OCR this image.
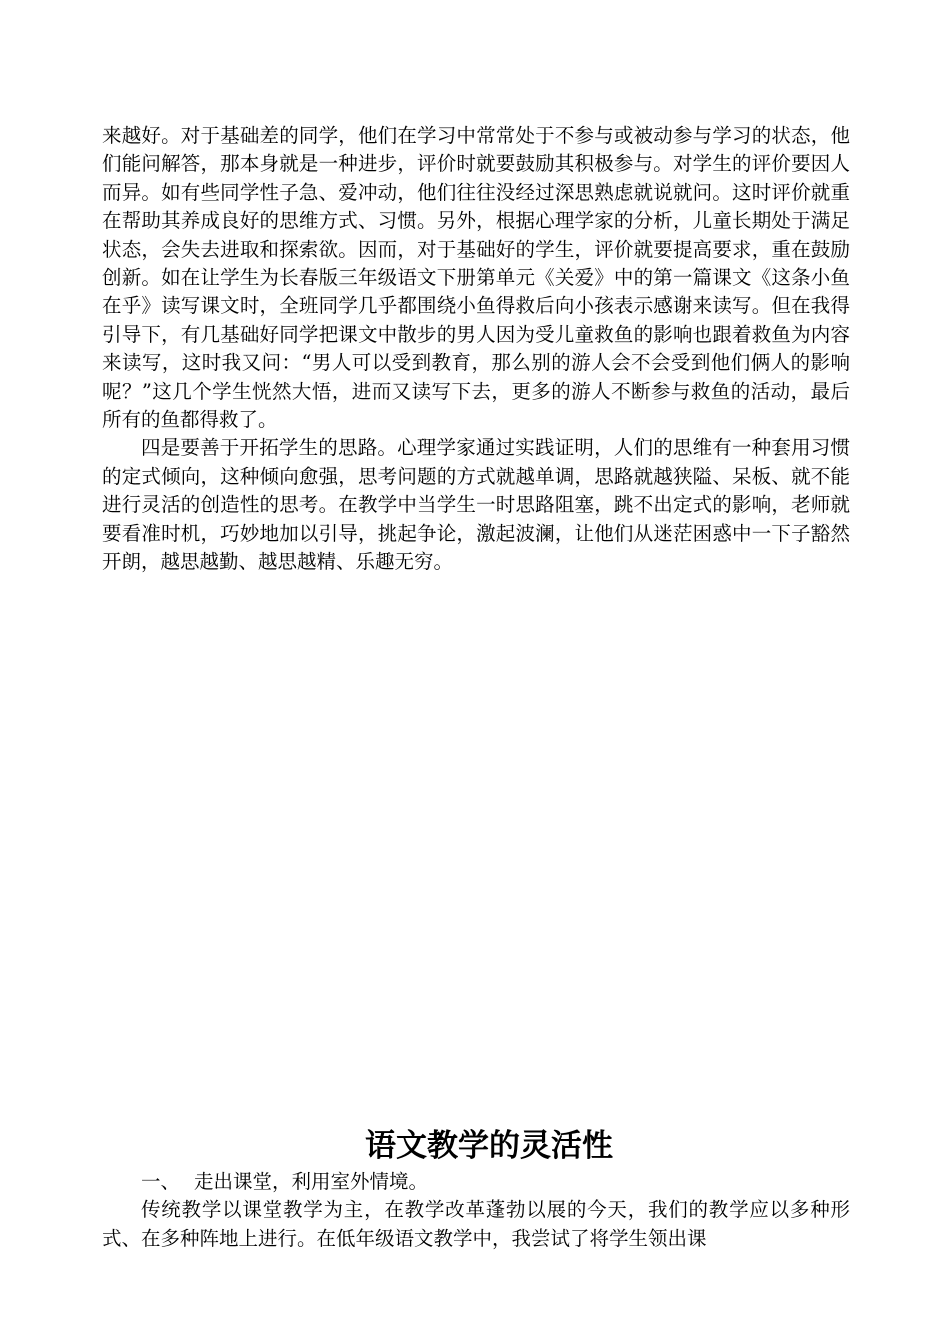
来越好。对于基础差的同学，他们在学习中常常处于不参与或被动参与学习的状态，他们能问解答，那本身就是一种进步，评价时就要鼓励其积极参与。对学生的评价要因人而异。如有些同学性子急、爱冲动，他们往往没经过深思熟虑就说就问。这时评价就重在帮助其养成良好的思维方式、习惯。另外，根据心理学家的分析，儿童长期处于满足状态，会失去进取和探索欲。因而，对于基础好的学生，评价就要提高要求，重在鼓励创新。如在让学生为长春版三年级语文下册第单元《关爱》中的第一篇课文《这条小鱼在乎》读写课文时，全班同学几乎都围绕小鱼得救后向小孩表示感谢来读写。但在我得引导下，有几基础好同学把课文中散步的男人因为受儿童救鱼的影响也跟着救鱼为内容来读写，这时我又问：“男人可以受到教育，那么别的游人会不会受到他们俩人的影响呢？”这几个学生恍然大悟，进而又读写下去，更多的游人不断参与救鱼的活动，最后所有的鱼都得救了。

四是要善于开拓学生的思路。心理学家通过实践证明，人们的思维有一种套用习惯的定式倾向，这种倾向愈强，思考问题的方式就越单调，思路就越狭隘、呆板、就不能进行灵活的创造性的思考。在教学中当学生一时思路阻塞，跳不出定式的影响，老师就要看准时机，巧妙地加以引导，挑起争论，激起波澜，让他们从迷茫困惑中一下子豁然开朗，越思越勤、越思越精、乐趣无穷。

语文教学的灵活性

一、 走出课堂，利用室外情境。

传统教学以课堂教学为主，在教学改革蓬勃以展的今天，我们的教学应以多种形式、在多种阵地上进行。在低年级语文教学中，我尝试了将学生领出课
